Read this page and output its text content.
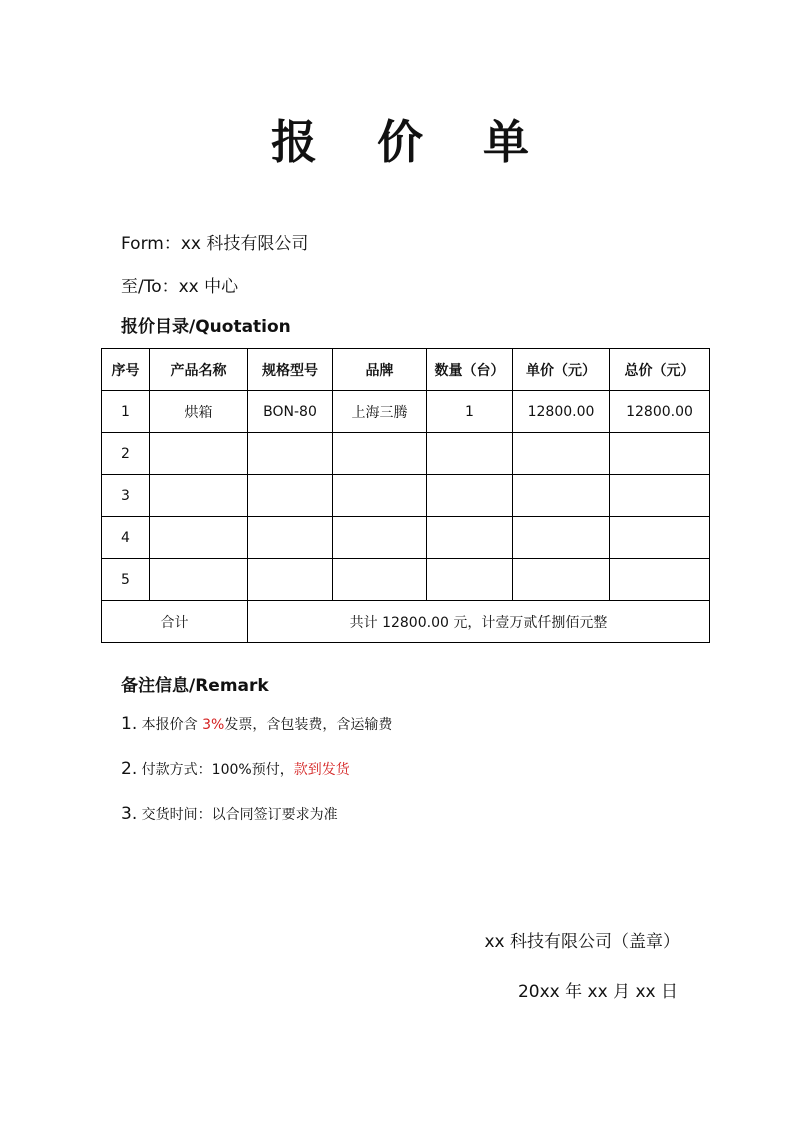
报 价 单
Form：xx 科技有限公司
至/To：xx 中心
报价目录/Quotation
序号	产品名称	规格型号	品牌	数量（台）	单价（元）	总价（元）
1	烘箱	BON-80	上海三腾	1	12800.00	12800.00
2						
3						
4						
5						
合计		共计 12800.00 元，计壹万贰仟捌佰元整				
备注信息/Remark
1. 本报价含 3%发票，含包装费，含运输费
2. 付款方式：100%预付，款到发货
3. 交货时间：以合同签订要求为准
xx 科技有限公司（盖章）
20xx 年 xx 月 xx 日
